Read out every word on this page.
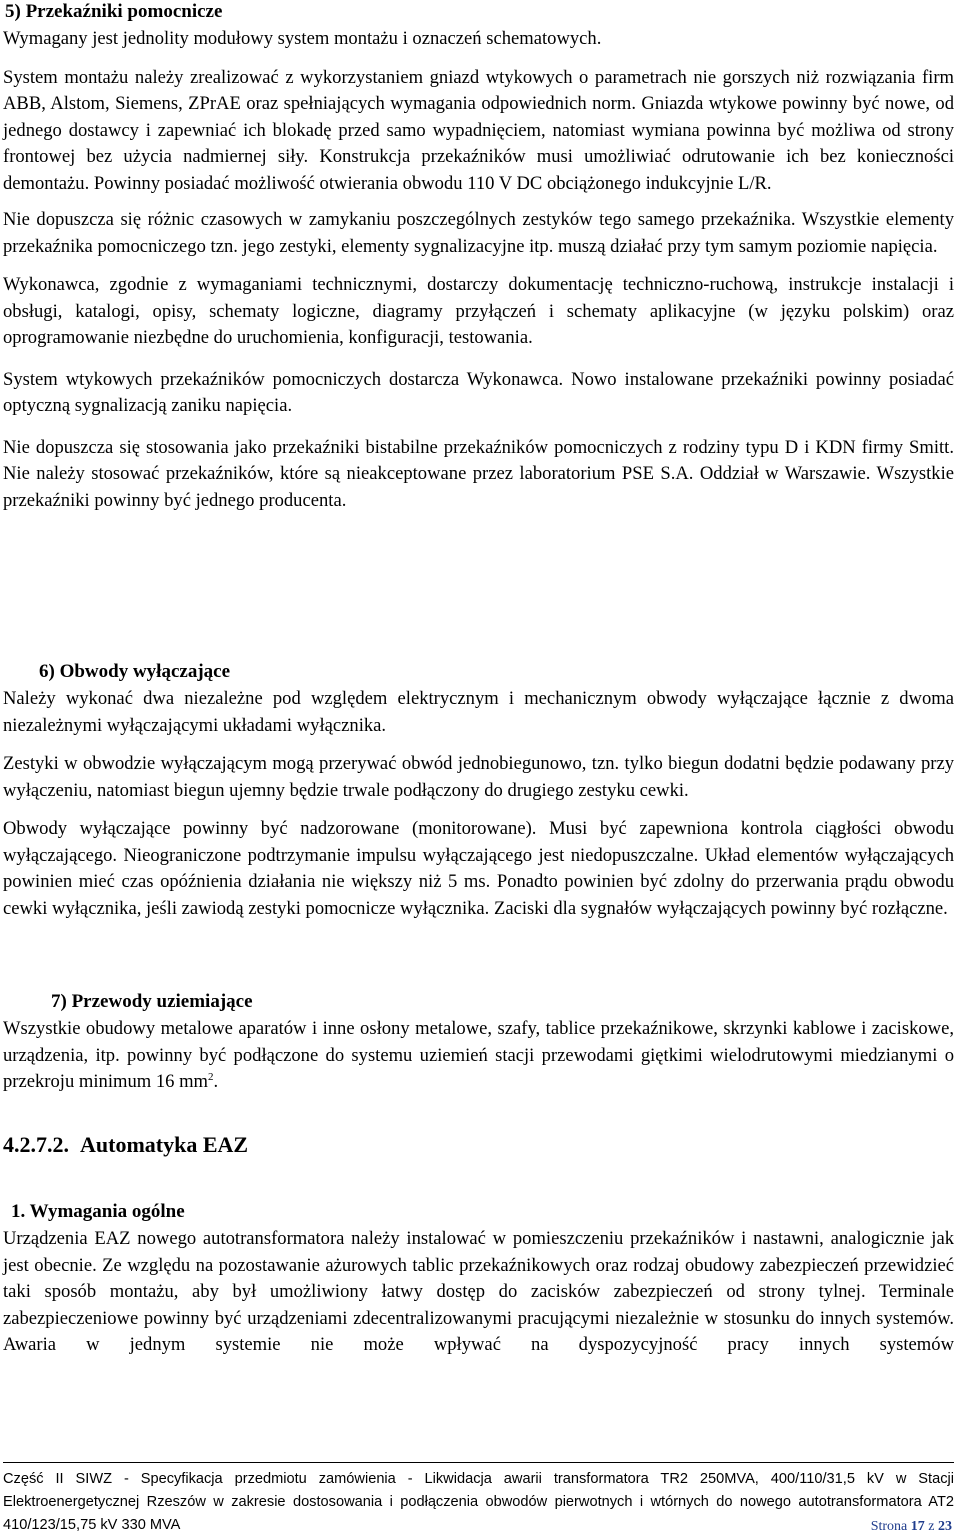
5) Przekaźniki pomocnicze

Wymagany jest jednolity modułowy system montażu i oznaczeń schematowych.

System montażu należy zrealizować z wykorzystaniem gniazd wtykowych o parametrach nie gorszych niż rozwiązania firm ABB, Alstom, Siemens, ZPrAE oraz spełniających wymagania odpowiednich norm. Gniazda wtykowe powinny być nowe, od jednego dostawcy i zapewniać ich blokadę przed samo wypadnięciem, natomiast wymiana powinna być możliwa od strony frontowej bez użycia nadmiernej siły. Konstrukcja przekaźników musi umożliwiać odrutowanie ich bez konieczności demontażu. Powinny posiadać możliwość otwierania obwodu 110 V DC obciążonego indukcyjnie L/R.

Nie dopuszcza się różnic czasowych w zamykaniu poszczególnych zestyków tego samego przekaźnika. Wszystkie elementy przekaźnika pomocniczego tzn. jego zestyki, elementy sygnalizacyjne itp. muszą działać przy tym samym poziomie napięcia.

Wykonawca, zgodnie z wymaganiami technicznymi, dostarczy dokumentację techniczno-ruchową, instrukcje instalacji i obsługi, katalogi, opisy, schematy logiczne, diagramy przyłączeń i schematy aplikacyjne (w języku polskim) oraz oprogramowanie niezbędne do uruchomienia, konfiguracji, testowania.

System wtykowych przekaźników pomocniczych dostarcza Wykonawca. Nowo instalowane przekaźniki powinny posiadać optyczną sygnalizacją zaniku napięcia.

Nie dopuszcza się stosowania jako przekaźniki bistabilne przekaźników pomocniczych z rodziny typu D i KDN firmy Smitt. Nie należy stosować przekaźników, które są nieakceptowane przez laboratorium PSE S.A. Oddział w Warszawie. Wszystkie przekaźniki powinny być jednego producenta.

6) Obwody wyłączające

Należy wykonać dwa niezależne pod względem elektrycznym i mechanicznym obwody wyłączające łącznie z dwoma niezależnymi wyłączającymi układami wyłącznika.

Zestyki w obwodzie wyłączającym mogą przerywać obwód jednobiegunowo, tzn. tylko biegun dodatni będzie podawany przy wyłączeniu, natomiast biegun ujemny będzie trwale podłączony do drugiego zestyku cewki.

Obwody wyłączające powinny być nadzorowane (monitorowane). Musi być zapewniona kontrola ciągłości obwodu wyłączającego. Nieograniczone podtrzymanie impulsu wyłączającego jest niedopuszczalne. Układ elementów wyłączających powinien mieć czas opóźnienia działania nie większy niż 5 ms. Ponadto powinien być zdolny do przerwania prądu obwodu cewki wyłącznika, jeśli zawiodą zestyki pomocnicze wyłącznika. Zaciski dla sygnałów wyłączających powinny być rozłączne.

7) Przewody uziemiające

Wszystkie obudowy metalowe aparatów i inne osłony metalowe, szafy, tablice przekaźnikowe, skrzynki kablowe i zaciskowe, urządzenia, itp. powinny być podłączone do systemu uziemień stacji przewodami giętkimi wielodrutowymi miedzianymi o przekroju minimum 16 $mm^2$.

4.2.7.2. Automatyka EAZ

1. Wymagania ogólne

Urządzenia EAZ nowego autotransformatora należy instalować w pomieszczeniu przekaźników i nastawni, analogicznie jak jest obecnie. Ze względu na pozostawanie ażurowych tablic przekaźnikowych oraz rodzaj obudowy zabezpieczeń przewidzieć taki sposób montażu, aby był umożliwiony łatwy dostęp do zacisków zabezpieczeń od strony tylnej. Terminale zabezpieczeniowe powinny być urządzeniami zdecentralizowanymi pracującymi niezależnie w stosunku do innych systemów. Awaria w jednym systemie nie może wpływać na dyspozycyjność pracy innych systemów

Część II SIWZ - Specyfikacja przedmiotu zamówienia - Likwidacja awarii transformatora TR2 250MVA, 400/110/31,5 kV w Stacji Elektroenergetycznej Rzeszów w zakresie dostosowania i podłączenia obwodów pierwotnych i wtórnych do nowego autotransformatora AT2 410/123/15,75 kV 330 MVA	Strona 17 z 23
